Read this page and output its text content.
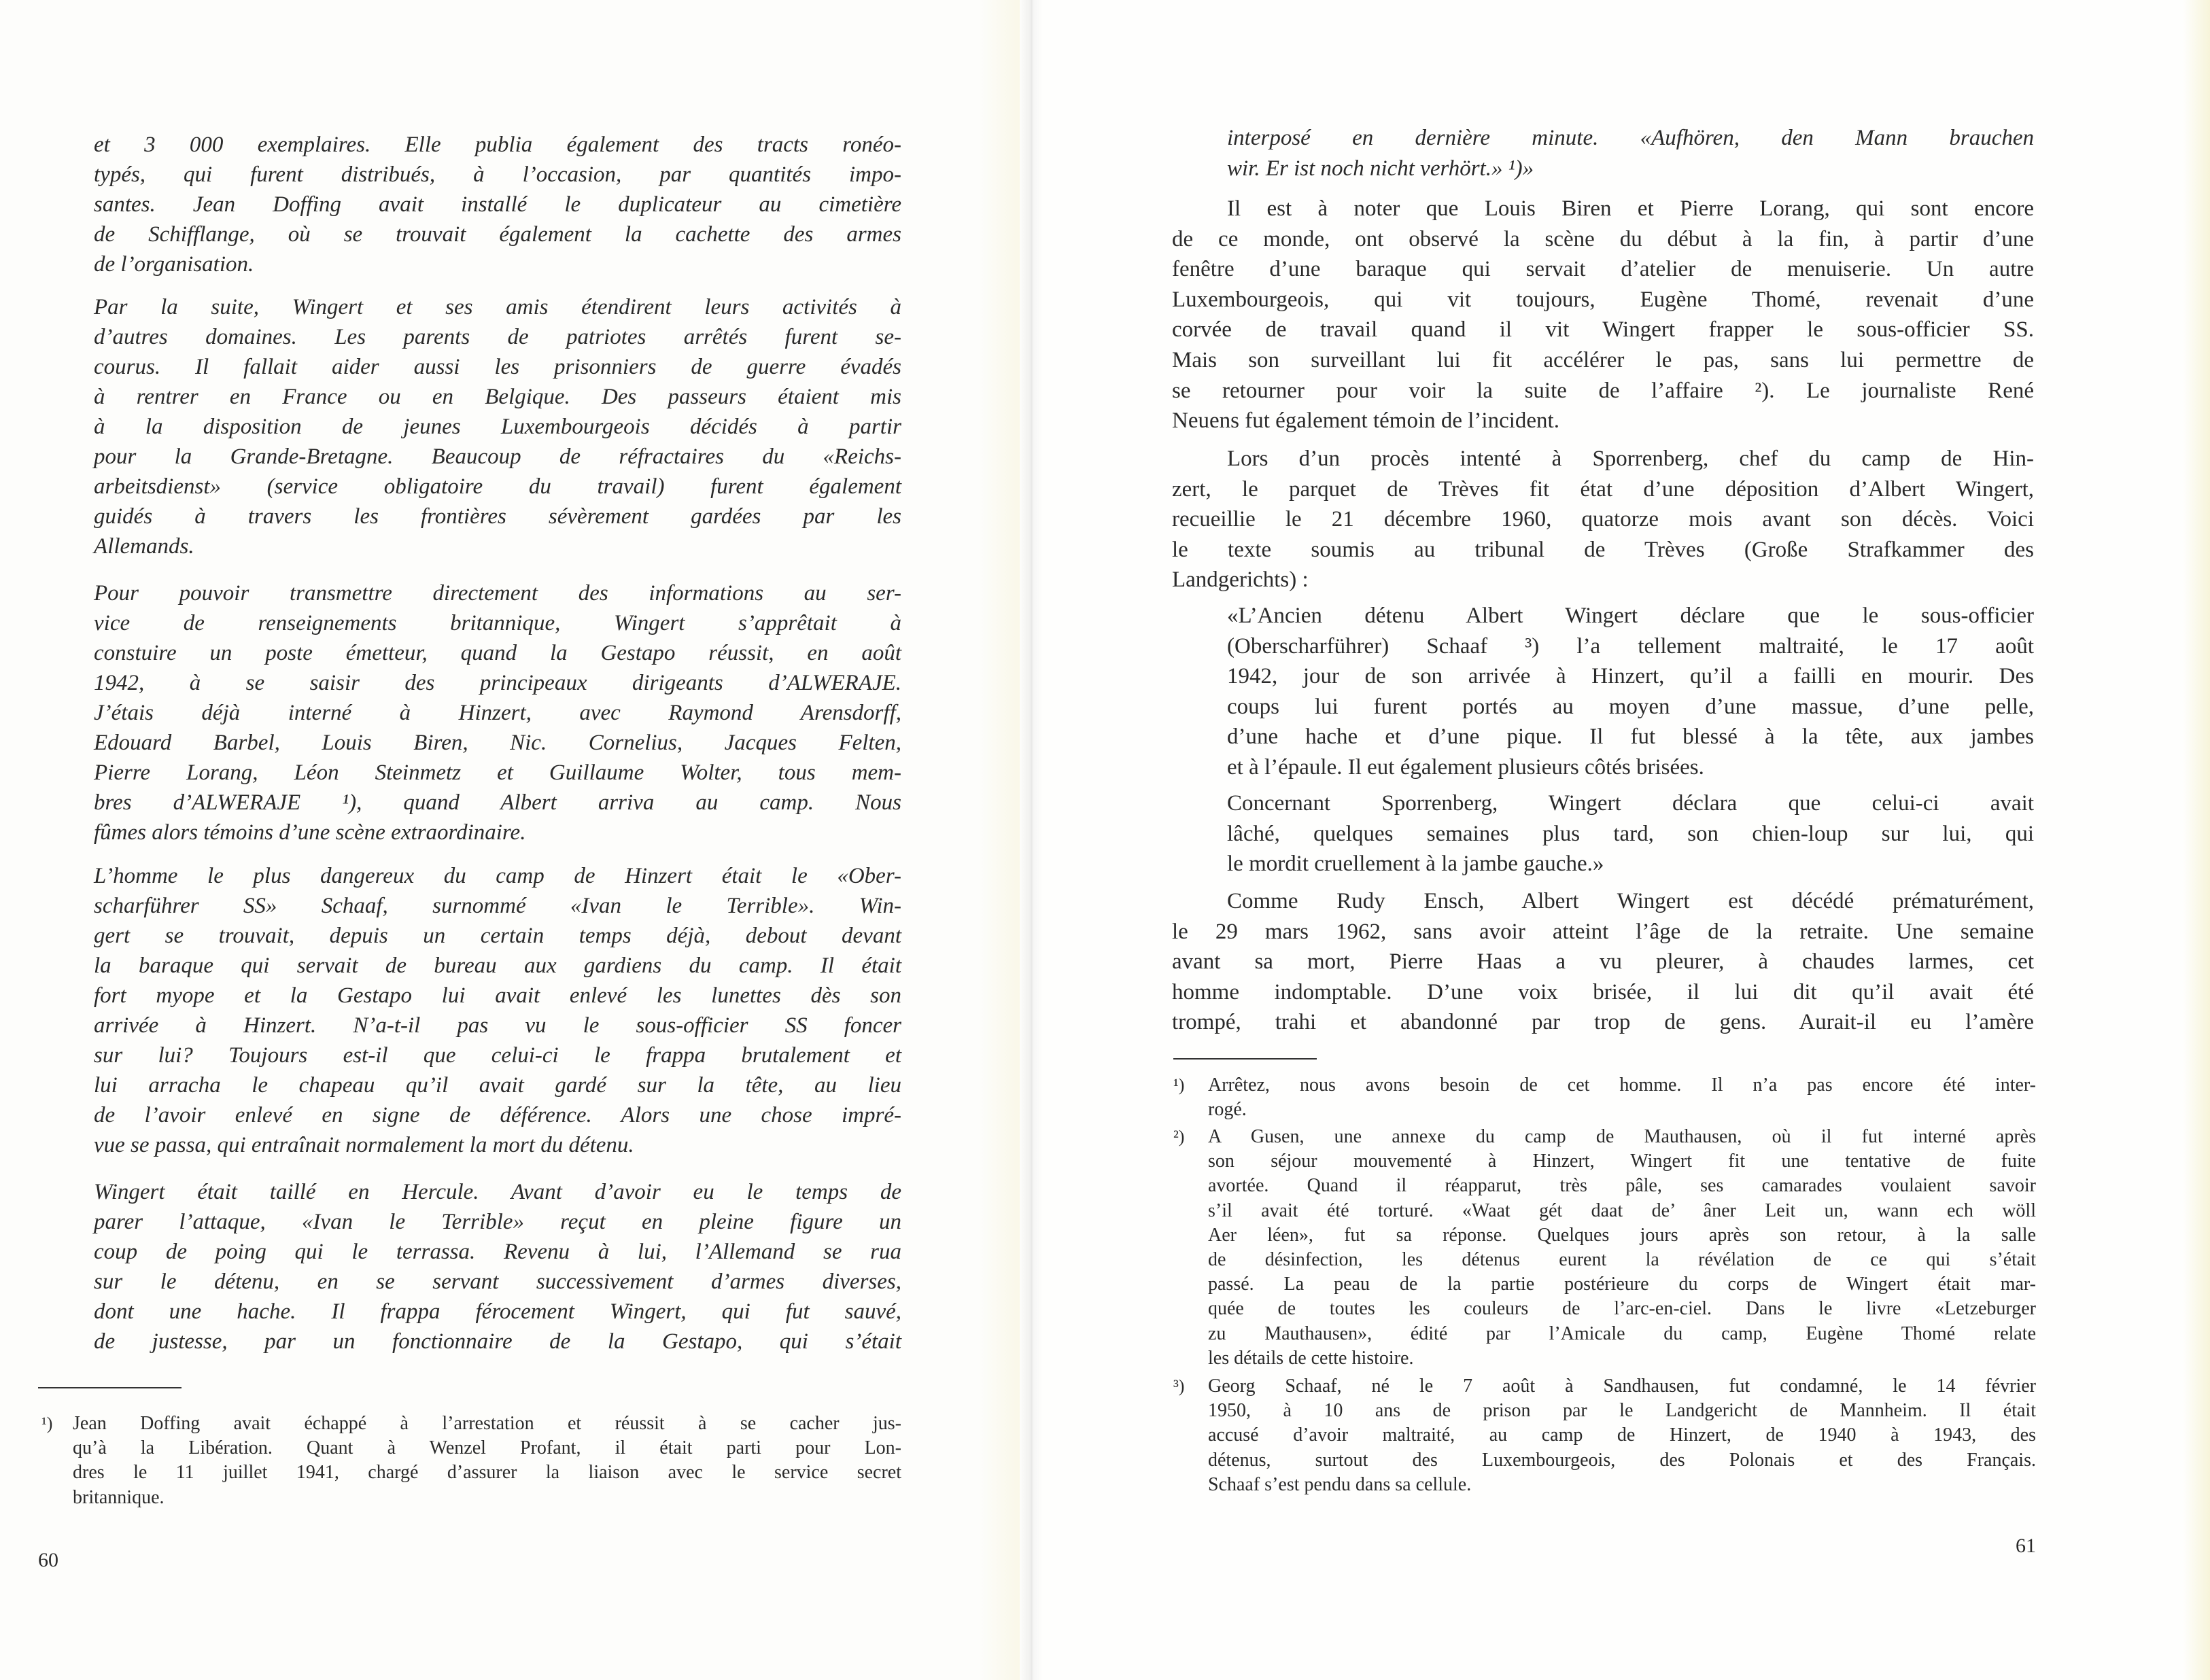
60
61
et 3 000 exemplaires. Elle publia également des tracts ronéo-
typés, qui furent distribués, à l’occasion, par quantités impo-
santes. Jean Doffing avait installé le duplicateur au cimetière
de Schifflange, où se trouvait également la cachette des armes
de l’organisation.
Par la suite, Wingert et ses amis étendirent leurs activités à
d’autres domaines. Les parents de patriotes arrêtés furent se-
courus. Il fallait aider aussi les prisonniers de guerre évadés
à rentrer en France ou en Belgique. Des passeurs étaient mis
à la disposition de jeunes Luxembourgeois décidés à partir
pour la Grande-Bretagne. Beaucoup de réfractaires du «Reichs-
arbeitsdienst» (service obligatoire du travail) furent également
guidés à travers les frontières sévèrement gardées par les
Allemands.
Pour pouvoir transmettre directement des informations au ser-
vice de renseignements britannique, Wingert s’apprêtait à
constuire un poste émetteur, quand la Gestapo réussit, en août
1942, à se saisir des principeaux dirigeants d’ALWERAJE.
J’étais déjà interné à Hinzert, avec Raymond Arensdorff,
Edouard Barbel, Louis Biren, Nic. Cornelius, Jacques Felten,
Pierre Lorang, Léon Steinmetz et Guillaume Wolter, tous mem-
bres d’ALWERAJE ¹), quand Albert arriva au camp. Nous
fûmes alors témoins d’une scène extraordinaire.
L’homme le plus dangereux du camp de Hinzert était le «Ober-
scharführer SS» Schaaf, surnommé «Ivan le Terrible». Win-
gert se trouvait, depuis un certain temps déjà, debout devant
la baraque qui servait de bureau aux gardiens du camp. Il était
fort myope et la Gestapo lui avait enlevé les lunettes dès son
arrivée à Hinzert. N’a-t-il pas vu le sous-officier SS foncer
sur lui? Toujours est-il que celui-ci le frappa brutalement et
lui arracha le chapeau qu’il avait gardé sur la tête, au lieu
de l’avoir enlevé en signe de déférence. Alors une chose impré-
vue se passa, qui entraînait normalement la mort du détenu.
Wingert était taillé en Hercule. Avant d’avoir eu le temps de
parer l’attaque, «Ivan le Terrible» reçut en pleine figure un
coup de poing qui le terrassa. Revenu à lui, l’Allemand se rua
sur le détenu, en se servant successivement d’armes diverses,
dont une hache. Il frappa férocement Wingert, qui fut sauvé,
de justesse, par un fonctionnaire de la Gestapo, qui s’était
¹) Jean Doffing avait échappé à l’arrestation et réussit à se cacher jus-
qu’à la Libération. Quant à Wenzel Profant, il était parti pour Lon-
dres le 11 juillet 1941, chargé d’assurer la liaison avec le service secret
britannique.
interposé en dernière minute. «Aufhören, den Mann brauchen
wir. Er ist noch nicht verhört.» ¹)»
Il est à noter que Louis Biren et Pierre Lorang, qui sont encore
de ce monde, ont observé la scène du début à la fin, à partir d’une
fenêtre d’une baraque qui servait d’atelier de menuiserie. Un autre
Luxembourgeois, qui vit toujours, Eugène Thomé, revenait d’une
corvée de travail quand il vit Wingert frapper le sous-officier SS.
Mais son surveillant lui fit accélérer le pas, sans lui permettre de
se retourner pour voir la suite de l’affaire ²). Le journaliste René
Neuens fut également témoin de l’incident.
Lors d’un procès intenté à Sporrenberg, chef du camp de Hin-
zert, le parquet de Trèves fit état d’une déposition d’Albert Wingert,
recueillie le 21 décembre 1960, quatorze mois avant son décès. Voici
le texte soumis au tribunal de Trèves (Große Strafkammer des
Landgerichts) :
«L’Ancien détenu Albert Wingert déclare que le sous-officier
(Oberscharführer) Schaaf ³) l’a tellement maltraité, le 17 août
1942, jour de son arrivée à Hinzert, qu’il a failli en mourir. Des
coups lui furent portés au moyen d’une massue, d’une pelle,
d’une hache et d’une pique. Il fut blessé à la tête, aux jambes
et à l’épaule. Il eut également plusieurs côtés brisées.
Concernant Sporrenberg, Wingert déclara que celui-ci avait
lâché, quelques semaines plus tard, son chien-loup sur lui, qui
le mordit cruellement à la jambe gauche.»
Comme Rudy Ensch, Albert Wingert est décédé prématurément,
le 29 mars 1962, sans avoir atteint l’âge de la retraite. Une semaine
avant sa mort, Pierre Haas a vu pleurer, à chaudes larmes, cet
homme indomptable. D’une voix brisée, il lui dit qu’il avait été
trompé, trahi et abandonné par trop de gens. Aurait-il eu l’amère
¹) Arrêtez, nous avons besoin de cet homme. Il n’a pas encore été inter-
rogé.
²) A Gusen, une annexe du camp de Mauthausen, où il fut interné après
son séjour mouvementé à Hinzert, Wingert fit une tentative de fuite
avortée. Quand il réapparut, très pâle, ses camarades voulaient savoir
s’il avait été torturé. «Waat gét daat de’ âner Leit un, wann ech wöll
Aer léen», fut sa réponse. Quelques jours après son retour, à la salle
de désinfection, les détenus eurent la révélation de ce qui s’était
passé. La peau de la partie postérieure du corps de Wingert était mar-
quée de toutes les couleurs de l’arc-en-ciel. Dans le livre «Letzeburger
zu Mauthausen», édité par l’Amicale du camp, Eugène Thomé relate
les détails de cette histoire.
³) Georg Schaaf, né le 7 août à Sandhausen, fut condamné, le 14 février
1950, à 10 ans de prison par le Landgericht de Mannheim. Il était
accusé d’avoir maltraité, au camp de Hinzert, de 1940 à 1943, des
détenus, surtout des Luxembourgeois, des Polonais et des Français.
Schaaf s’est pendu dans sa cellule.
